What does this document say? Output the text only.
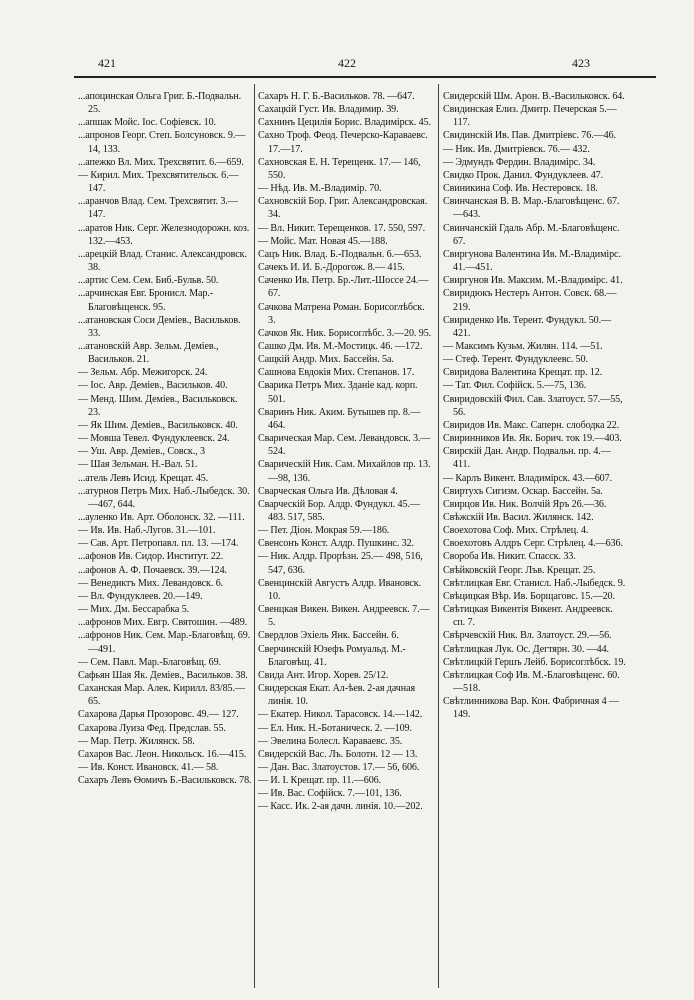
421	422	423
...апоцинская Ольга Григ. Б.-Подвальн. 25.
...апшак Мойс. Іос. Софіевск. 10.
...апронов Георг. Степ. Болсуновск. 9.—14, 133.
...апежко Вл. Мих. Трехсвятит. 6.—659.
— Кирил. Мих. Трехсвятительск. 6.—147.
...аранчов Влад. Сем. Трехсвятит. 3.—147.
...аратов Ник. Серг. Железнодорожн. коз. 132.—453.
...арецкій Влад. Станис. Александровск. 38.
...артис Сем. Сем. Биб.-Бульв. 50.
...арчинская Евг. Бронисл. Мар.-Благовѣщенск. 95.
...атановская Соси Деміев., Васильков. 33.
...атановскій Авр. Зельм. Деміев., Васильков. 21.
— Зельм. Абр. Межигорск. 24.
— Іос. Авр. Деміев., Васильков. 40.
— Менд. Шим. Деміев., Васильковск. 23.
— Як Шим. Деміев., Васильковск. 40.
— Мовша Тевел. Фундуклеевск. 24.
— Уш. Авр. Деміев., Совск., 3
— Шая Зельман. Н.-Вал. 51.
...атель Левъ Исид. Крещат. 45.
...атурнов Петръ Мих. Наб.-Лыбедск. 30.—467, 644.
...ауленко Ив. Арт. Оболонск. 32. —111.
— Ив. Ив. Наб.-Лугов. 31.—101.
— Сав. Арт. Петропавл. пл. 13. —174.
...афонов Ив. Сидор. Институт. 22.
...афонов А. Ф. Почаевск. 39.—124.
— Венедиктъ Мих. Левандовск. 6.
— Вл. Фундуклеев. 20.—149.
— Мих. Дм. Бессарабка 5.
...афронов Мих. Евгр. Святошин. —489.
...афронов Ник. Сем. Мар.-Благовѣщ. 69.—491.
— Сем. Павл. Мар.-Благовѣщ. 69.
Сафьян Шая Як. Деміев., Васильков. 38.
Саханская Мар. Алек. Кирилл. 83/85.—65.
Сахарова Дарья Прозоровс. 49.— 127.
Сахарова Луиза Фед. Предслав. 55.
— Мар. Петр. Жилянск. 58.
Сахаров Вас. Леон. Никольск. 16.—415.
— Ив. Конст. Ивановск. 41.— 58.
Сахаръ Левъ Ѳомичъ Б.-Васильковск. 78.
Сахаръ Н. Г. Б.-Васильков. 78. —647.
Сахацкій Густ. Ив. Владимир. 39.
Сахнинъ Цецилія Борис. Владимірск. 45.
Сахно Троф. Феод. Печерско-Караваевс. 17.—17.
Сахновская Е. Н. Терещенк. 17.— 146, 550.
— Нѣд. Ив. М.-Владимір. 70.
Сахновскій Бор. Григ. Александровская. 34.
— Вл. Никит. Терещенков. 17. 550, 597.
— Мойс. Мат. Новая 45.—188.
Сацъ Ник. Влад. Б.-Подвальн. 6.—653.
Сачекъ И. И. Б.-Дорогож. 8.— 415.
Саченко Ив. Петр. Бр.-Лит.-Шоссе 24.—67.
Сачкова Матрена Роман. Борисоглѣбск. 3.
Сачков Як. Ник. Борисоглѣбс. 3.—20. 95.
Сашко Дм. Ив. М.-Мостицк. 46. —172.
Сащкій Андр. Мих. Бассейн. 5а.
Сашнова Евдокія Мих. Степанов. 17.
Сварика Петръ Мих. Зданіе кад. корп. 501.
Сваринъ Ник. Аким. Бутышев пр. 8.—464.
Сварическая Мар. Сем. Левандовск. 3.—524.
Сварическій Ник. Сам. Михайлов пр. 13.—98, 136.
Сварческая Ольга Ив. Дѣловая 4.
Сварческій Бор. Алдр. Фундукл. 45.—483. 517, 585.
— Пет. Діон. Мокрая 59.—186.
Свенсонъ Конст. Алдр. Пушкинс. 32.
— Ник. Алдр. Прорѣзн. 25.— 498, 516, 547, 636.
Свенцинскій Августъ Алдр. Ивановск. 10.
Свенцкая Викен. Викен. Андреевск. 7.—5.
Свердлов Эхіель Янк. Бассейн. 6.
Сверчинскій Юзефъ Ромуальд. М.-Благовѣщ. 41.
Свида Ант. Игор. Хорев. 25/12.
Свидерская Екат. Ал-ѣев. 2-ая дачная линія. 10.
— Екатер. Никол. Тарасовск. 14.—142.
— Ел. Ник. Н.-Ботаническ. 2. —109.
— Эвелина Болесл. Караваевс. 35.
Свидерскій Вас. Лъ. Болотн. 12 — 13.
— Дан. Вас. Златоустов. 17.— 56, 606.
— И. І. Крещат. пр. 11.—606.
— Ив. Вас. Софійск. 7.—101, 136.
— Касс. Ик. 2-ая дачн. линія. 10.—202.
Свидерскій Шм. Арон. В.-Васильковск. 64.
Свидинская Елиз. Дмитр. Печерская 5.—117.
Свидинскій Ив. Пав. Дмитріевс. 76.—46.
— Ник. Ив. Дмитріевск. 76.— 432.
— Эдмундъ Фердин. Владимірс. 34.
Свидко Прок. Данил. Фундуклеев. 47.
Свиникина Соф. Ив. Нестеровск. 18.
Свинчанская В. В. Мар.-Благовѣщенс. 67.—643.
Свинчанскій Гдаль Абр. М.-Благовѣщенс. 67.
Свиргунова Валентина Ив. М.-Владимірс. 41.—451.
Свиргунов Ив. Максим. М.-Владимірс. 41.
Свиридюкъ Нестеръ Антон. Совск. 68.—219.
Свириденко Ив. Терент. Фундукл. 50.—421.
— Максимъ Кузьм. Жилян. 114. —51.
— Стеф. Терент. Фундуклеевс. 50.
Свиридова Валентина Крещат. пр. 12.
— Тат. Фил. Софійск. 5.—75, 136.
Свиридовскій Фил. Сав. Златоуст. 57.—55, 56.
Свиридов Ив. Макс. Саперн. слободка 22.
Свиринников Ив. Як. Борич. ток 19.—403.
Свирскій Дан. Андр. Подвальн. пр. 4.—411.
— Карлъ Викент. Владимірск. 43.—607.
Свиртухъ Сигизм. Оскар. Бассейн. 5а.
Свирцов Ив. Ник. Волчій Яръ 26.—36.
Свѣжскій Ив. Васил. Жилянск. 142.
Своехотова Соф. Мих. Стрѣлец. 4.
Своехотовъ Алдръ Серг. Стрѣлец. 4.—636.
Свороба Ив. Никит. Спасск. 33.
Свѣйковскій Георг. Лъв. Крещат. 25.
Свѣтлицкая Евг. Станисл. Наб.-Лыбедск. 9.
Свѣцицкая Вѣр. Ив. Борщаговс. 15.—20.
Свѣтицкая Викентія Викент. Андреевск. сп. 7.
Свѣрчевскій Ник. Вл. Златоуст. 29.—56.
Свѣтлицкая Лук. Ос. Дегтярн. 30. —44.
Свѣтлицкій Гершъ Лейб. Борисоглѣбск. 19.
Свѣтлицкая Соф Ив. М.-Благовѣщенс. 60.—518.
Свѣтлинникова Вар. Кон. Фабричная 4 — 149.
